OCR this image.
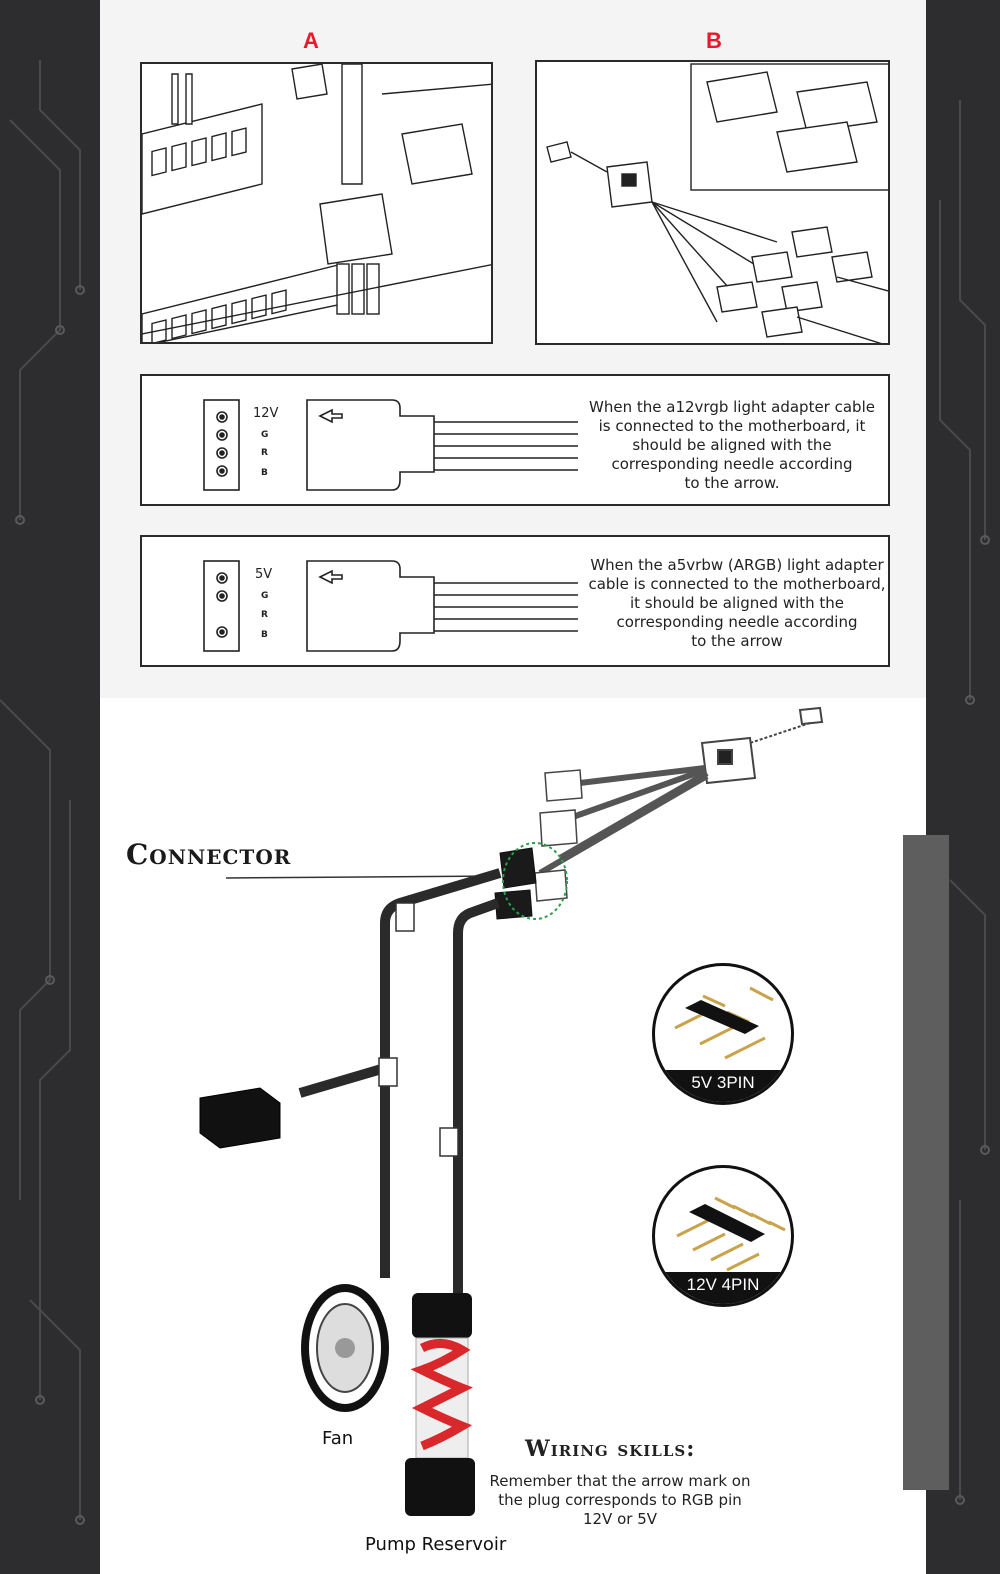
A	B
12V
G
R
B
When the a12vrgb light adapter cable
is connected to the motherboard, it
should be aligned with the
corresponding needle according
to the arrow.
5V
G
R
B
When the a5vrbw (ARGB) light adapter
cable is connected to the motherboard,
it should be aligned with the
corresponding needle according
to the arrow
Connector
5V 3PIN
12V 4PIN
Fan
Pump Reservoir
Wiring skills:
Remember that the arrow mark on
the plug corresponds to RGB pin
12V or 5V
